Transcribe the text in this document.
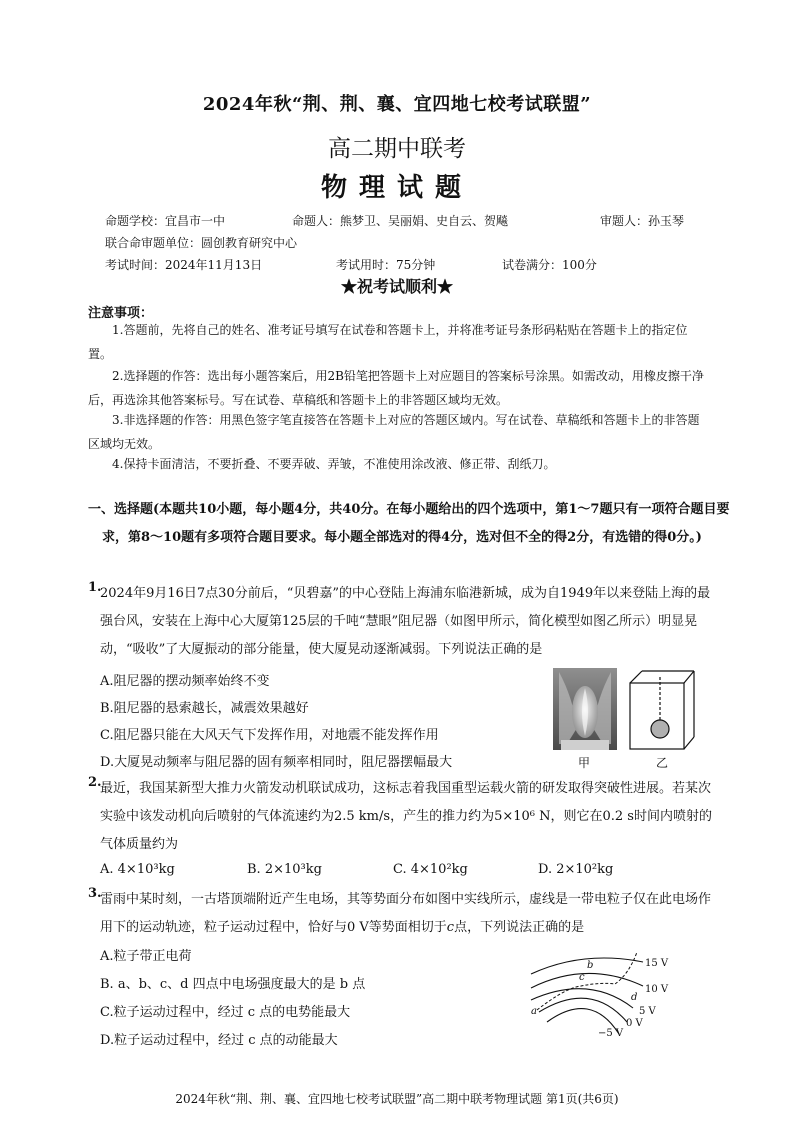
2024年秋“荆、荆、襄、宜四地七校考试联盟”
高二期中联考
物理试题
命题学校：宜昌市一中	命题人：熊梦卫、吴丽娟、史自云、贺飚	审题人：孙玉琴
联合命审题单位：圆创教育研究中心
考试时间：2024年11月13日	考试用时：75分钟	试卷满分：100分
★祝考试顺利★
注意事项：
1.答题前，先将自己的姓名、准考证号填写在试卷和答题卡上，并将准考证号条形码粘贴在答题卡上的指定位置。
2.选择题的作答：选出每小题答案后，用2B铅笔把答题卡上对应题目的答案标号涂黑。如需改动，用橡皮擦干净后，再选涂其他答案标号。写在试卷、草稿纸和答题卡上的非答题区域均无效。
3.非选择题的作答：用黑色签字笔直接答在答题卡上对应的答题区域内。写在试卷、草稿纸和答题卡上的非答题区域均无效。
4.保持卡面清洁，不要折叠、不要弄破、弄皱，不准使用涂改液、修正带、刮纸刀。
一、选择题(本题共10小题，每小题4分，共40分。在每小题给出的四个选项中，第1～7题只有一项符合题目要求，第8～10题有多项符合题目要求。每小题全部选对的得4分，选对但不全的得2分，有选错的得0分。)
1.
2024年9月16日7点30分前后，“贝碧嘉”的中心登陆上海浦东临港新城，成为自1949年以来登陆上海的最强台风，安装在上海中心大厦第125层的千吨“慧眼”阻尼器（如图甲所示，简化模型如图乙所示）明显晃动，“吸收”了大厦振动的部分能量，使大厦晃动逐渐减弱。下列说法正确的是
A.阻尼器的摆动频率始终不变
B.阻尼器的悬索越长，减震效果越好
C.阻尼器只能在大风天气下发挥作用，对地震不能发挥作用
D.大厦晃动频率与阻尼器的固有频率相同时，阻尼器摆幅最大	甲	乙
2.
最近，我国某新型大推力火箭发动机联试成功，这标志着我国重型运载火箭的研发取得突破性进展。若某次实验中该发动机向后喷射的气体流速约为2.5 km/s，产生的推力约为5×10⁶ N，则它在0.2 s时间内喷射的气体质量约为
A. 4×10³kg	B. 2×10³kg	C. 4×10²kg	D. 2×10²kg
3.
雷雨中某时刻，一古塔顶端附近产生电场，其等势面分布如图中实线所示，虚线是一带电粒子仅在此电场作用下的运动轨迹，粒子运动过程中，恰好与0 V等势面相切于c点，下列说法正确的是
A.粒子带正电荷
B. a、b、c、d 四点中电场强度最大的是 b 点
C.粒子运动过程中，经过 c 点的电势能最大
D.粒子运动过程中，经过 c 点的动能最大
15 V
10 V
5 V
0 V
−5 V
a
b
c
d
2024年秋“荆、荆、襄、宜四地七校考试联盟”高二期中联考物理试题 第1页(共6页)
